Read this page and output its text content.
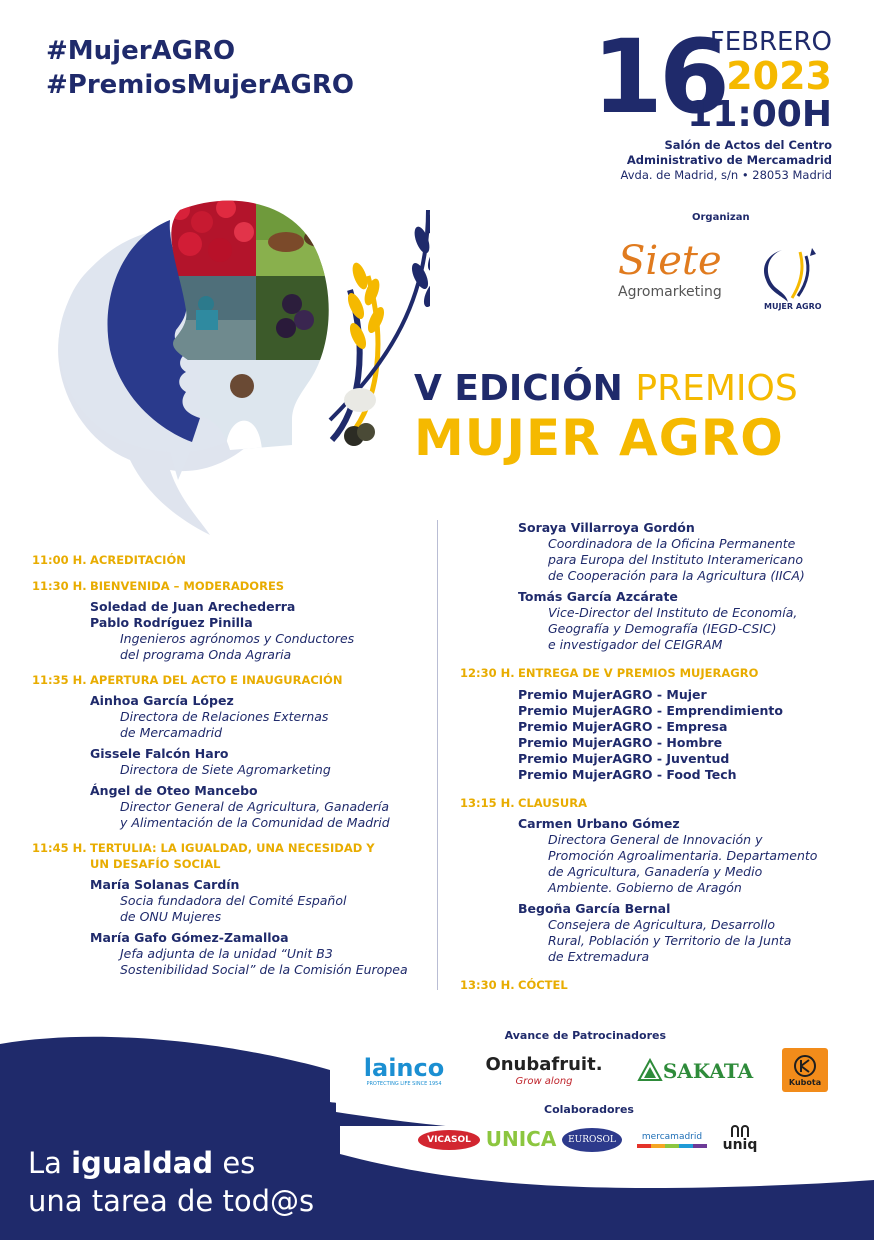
#MujerAGRO
#PremiosMujerAGRO 16
FEBRERO
2023
11:00H
Salón de Actos del Centro
Administrativo de Mercamadrid
Avda. de Madrid, s/n • 28053 Madrid
Organizan
Siete
Agromarketing
MUJER AGRO
V EDICIÓN PREMIOS
MUJER AGRO
11:00 H. ACREDITACIÓN
11:30 H. BIENVENIDA – MODERADORES
Soledad de Juan Arechederra
Pablo Rodríguez Pinilla
Ingenieros agrónomos y Conductores
del programa Onda Agraria
11:35 H. APERTURA DEL ACTO E INAUGURACIÓN
Ainhoa García López
Directora de Relaciones Externas
de Mercamadrid
Gissele Falcón Haro
Directora de Siete Agromarketing
Ángel de Oteo Mancebo
Director General de Agricultura, Ganadería
y Alimentación de la Comunidad de Madrid
11:45 H. TERTULIA: LA IGUALDAD, UNA NECESIDAD Y UN DESAFÍO SOCIAL
María Solanas Cardín
Socia fundadora del Comité Español
de ONU Mujeres
María Gafo Gómez-Zamalloa
Jefa adjunta de la unidad “Unit B3
Sostenibilidad Social” de la Comisión Europea
Soraya Villarroya Gordón
Coordinadora de la Oficina Permanente
para Europa del Instituto Interamericano
de Cooperación para la Agricultura (IICA)
Tomás García Azcárate
Vice-Director del Instituto de Economía,
Geografía y Demografía (IEGD-CSIC)
e investigador del CEIGRAM
12:30 H. ENTREGA DE V PREMIOS MUJERAGRO
Premio MujerAGRO - Mujer
Premio MujerAGRO - Emprendimiento
Premio MujerAGRO - Empresa
Premio MujerAGRO - Hombre
Premio MujerAGRO - Juventud
Premio MujerAGRO - Food Tech
13:15 H. CLAUSURA
Carmen Urbano Gómez
Directora General de Innovación y
Promoción Agroalimentaria. Departamento
de Agricultura, Ganadería y Medio
Ambiente. Gobierno de Aragón
Begoña García Bernal
Consejera de Agricultura, Desarrollo
Rural, Población y Territorio de la Junta
de Extremadura
13:30 H. CÓCTEL
Avance de Patrocinadores
lainco
PROTECTING LIFE SINCE 1954
Onubafruit.
Grow along	SAKATA	Kubota
Colaboradores
VICASOL UNICA EUROSOL	mercamadrid uniq
La igualdad es
una tarea de tod@s
